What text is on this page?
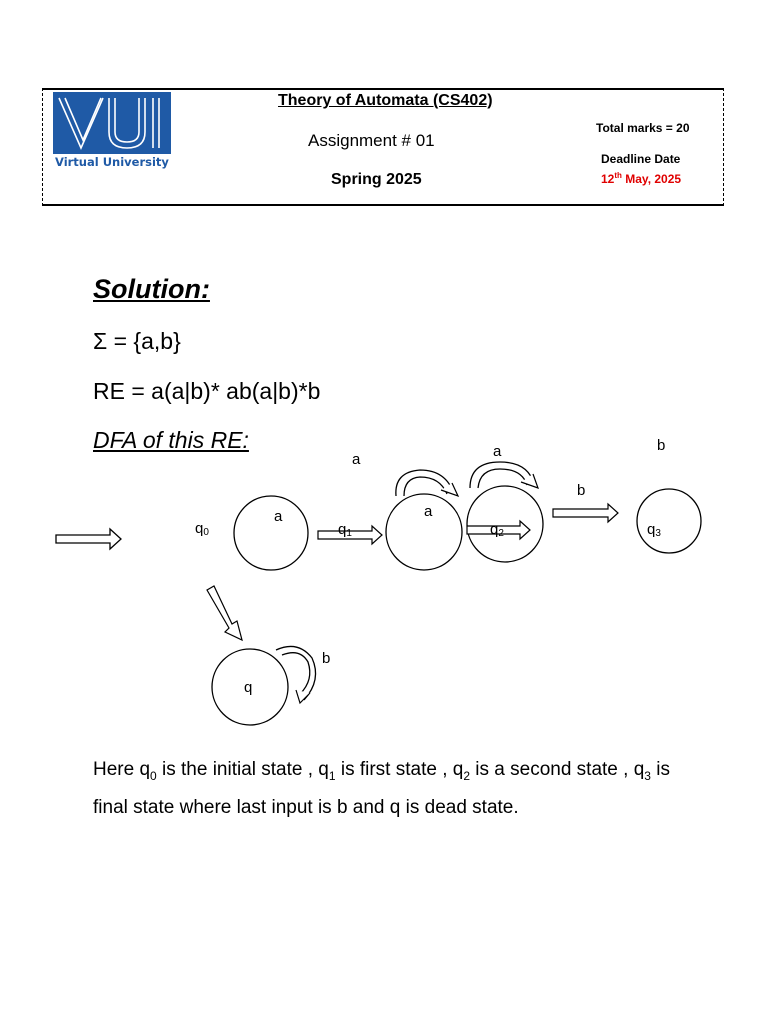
Virtual University
Theory of Automata (CS402)
Assignment # 01
Spring 2025
Total marks = 20
Deadline Date
12th May, 2025
Solution:
Σ = {a,b}
RE = a(a|b)* ab(a|b)*b
DFA of this RE:
q0	q1	q2	q3
q
a
a
a
a
b
b
b
Here $q_0$ is the initial state , $q_1$ is first state , $q_2$ is a second state , $q_3$ is final state where last input is b and q is dead state.
